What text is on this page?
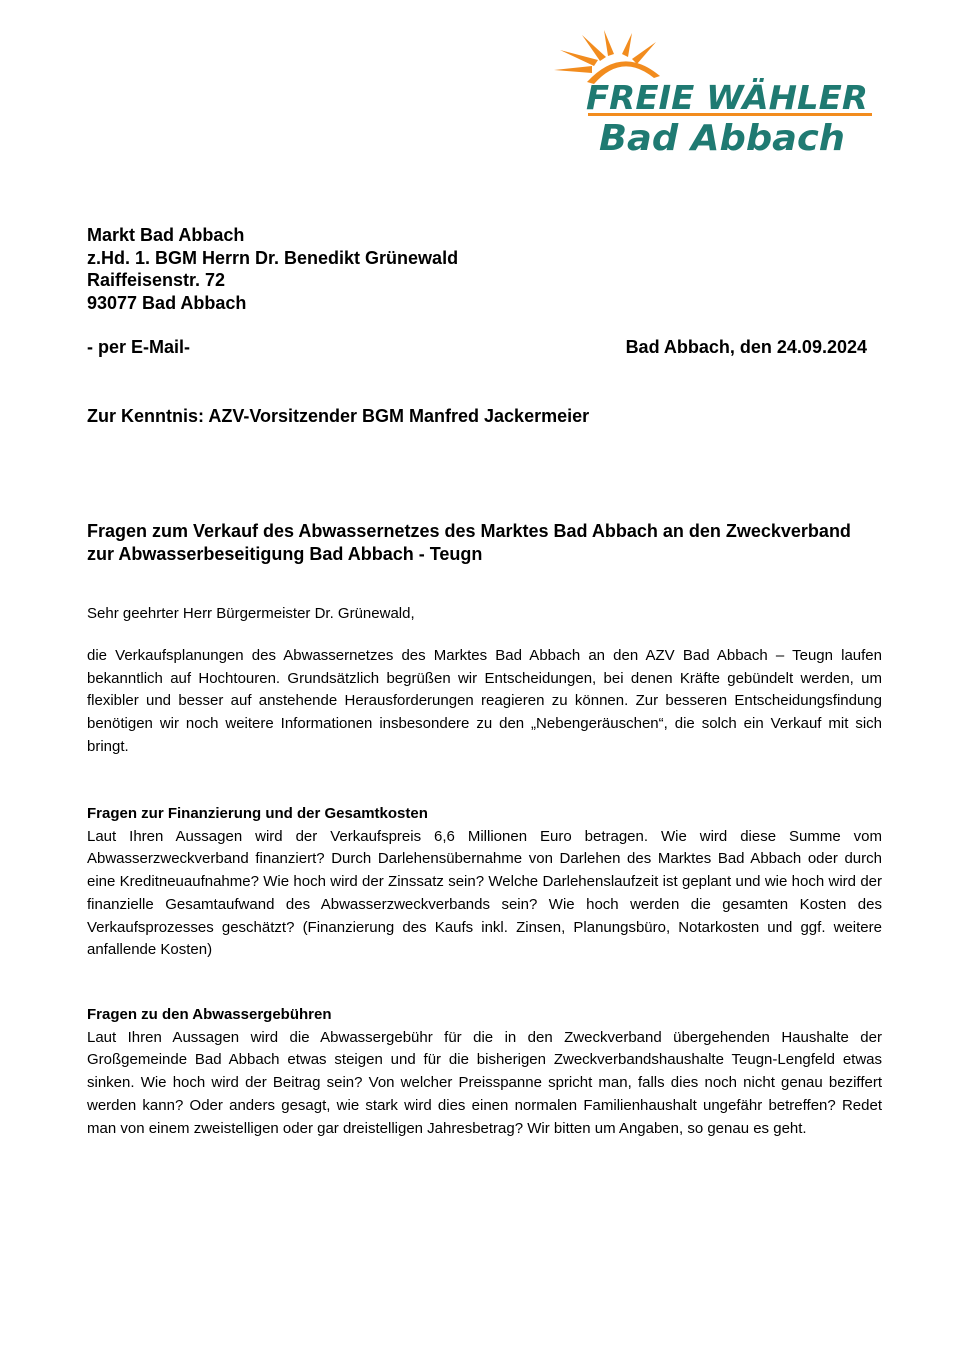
FREIE WÄHLER
Bad Abbach
Markt Bad Abbach
z.Hd. 1. BGM Herrn Dr. Benedikt Grünewald
Raiffeisenstr. 72
93077 Bad Abbach
- per E-Mail-	Bad Abbach, den 24.09.2024
Zur Kenntnis: AZV-Vorsitzender BGM Manfred Jackermeier
Fragen zum Verkauf des Abwassernetzes des Marktes Bad Abbach an den Zweckverband zur Abwasserbeseitigung Bad Abbach - Teugn
Sehr geehrter Herr Bürgermeister Dr. Grünewald,
die Verkaufsplanungen des Abwassernetzes des Marktes Bad Abbach an den AZV Bad Abbach – Teugn laufen bekanntlich auf Hochtouren. Grundsätzlich begrüßen wir Entscheidungen, bei denen Kräfte gebündelt werden, um flexibler und besser auf anstehende Herausforderungen reagieren zu können. Zur besseren Entscheidungsfindung benötigen wir noch weitere Informationen insbesondere zu den „Nebengeräuschen“, die solch ein Verkauf mit sich bringt.
Fragen zur Finanzierung und der Gesamtkosten
Laut Ihren Aussagen wird der Verkaufspreis 6,6 Millionen Euro betragen. Wie wird diese Summe vom Abwasserzweckverband finanziert? Durch Darlehensübernahme von Darlehen des Marktes Bad Abbach oder durch eine Kreditneuaufnahme? Wie hoch wird der Zinssatz sein? Welche Darlehenslaufzeit ist geplant und wie hoch wird der finanzielle Gesamtaufwand des Abwasserzweckverbands sein? Wie hoch werden die gesamten Kosten des Verkaufsprozesses geschätzt? (Finanzierung des Kaufs inkl. Zinsen, Planungsbüro, Notarkosten und ggf. weitere anfallende Kosten)
Fragen zu den Abwassergebühren
Laut Ihren Aussagen wird die Abwassergebühr für die in den Zweckverband übergehenden Haushalte der Großgemeinde Bad Abbach etwas steigen und für die bisherigen Zweckverbandshaushalte Teugn-Lengfeld etwas sinken. Wie hoch wird der Beitrag sein? Von welcher Preisspanne spricht man, falls dies noch nicht genau beziffert werden kann? Oder anders gesagt, wie stark wird dies einen normalen Familienhaushalt ungefähr betreffen? Redet man von einem zweistelligen oder gar dreistelligen Jahresbetrag? Wir bitten um Angaben, so genau es geht.
